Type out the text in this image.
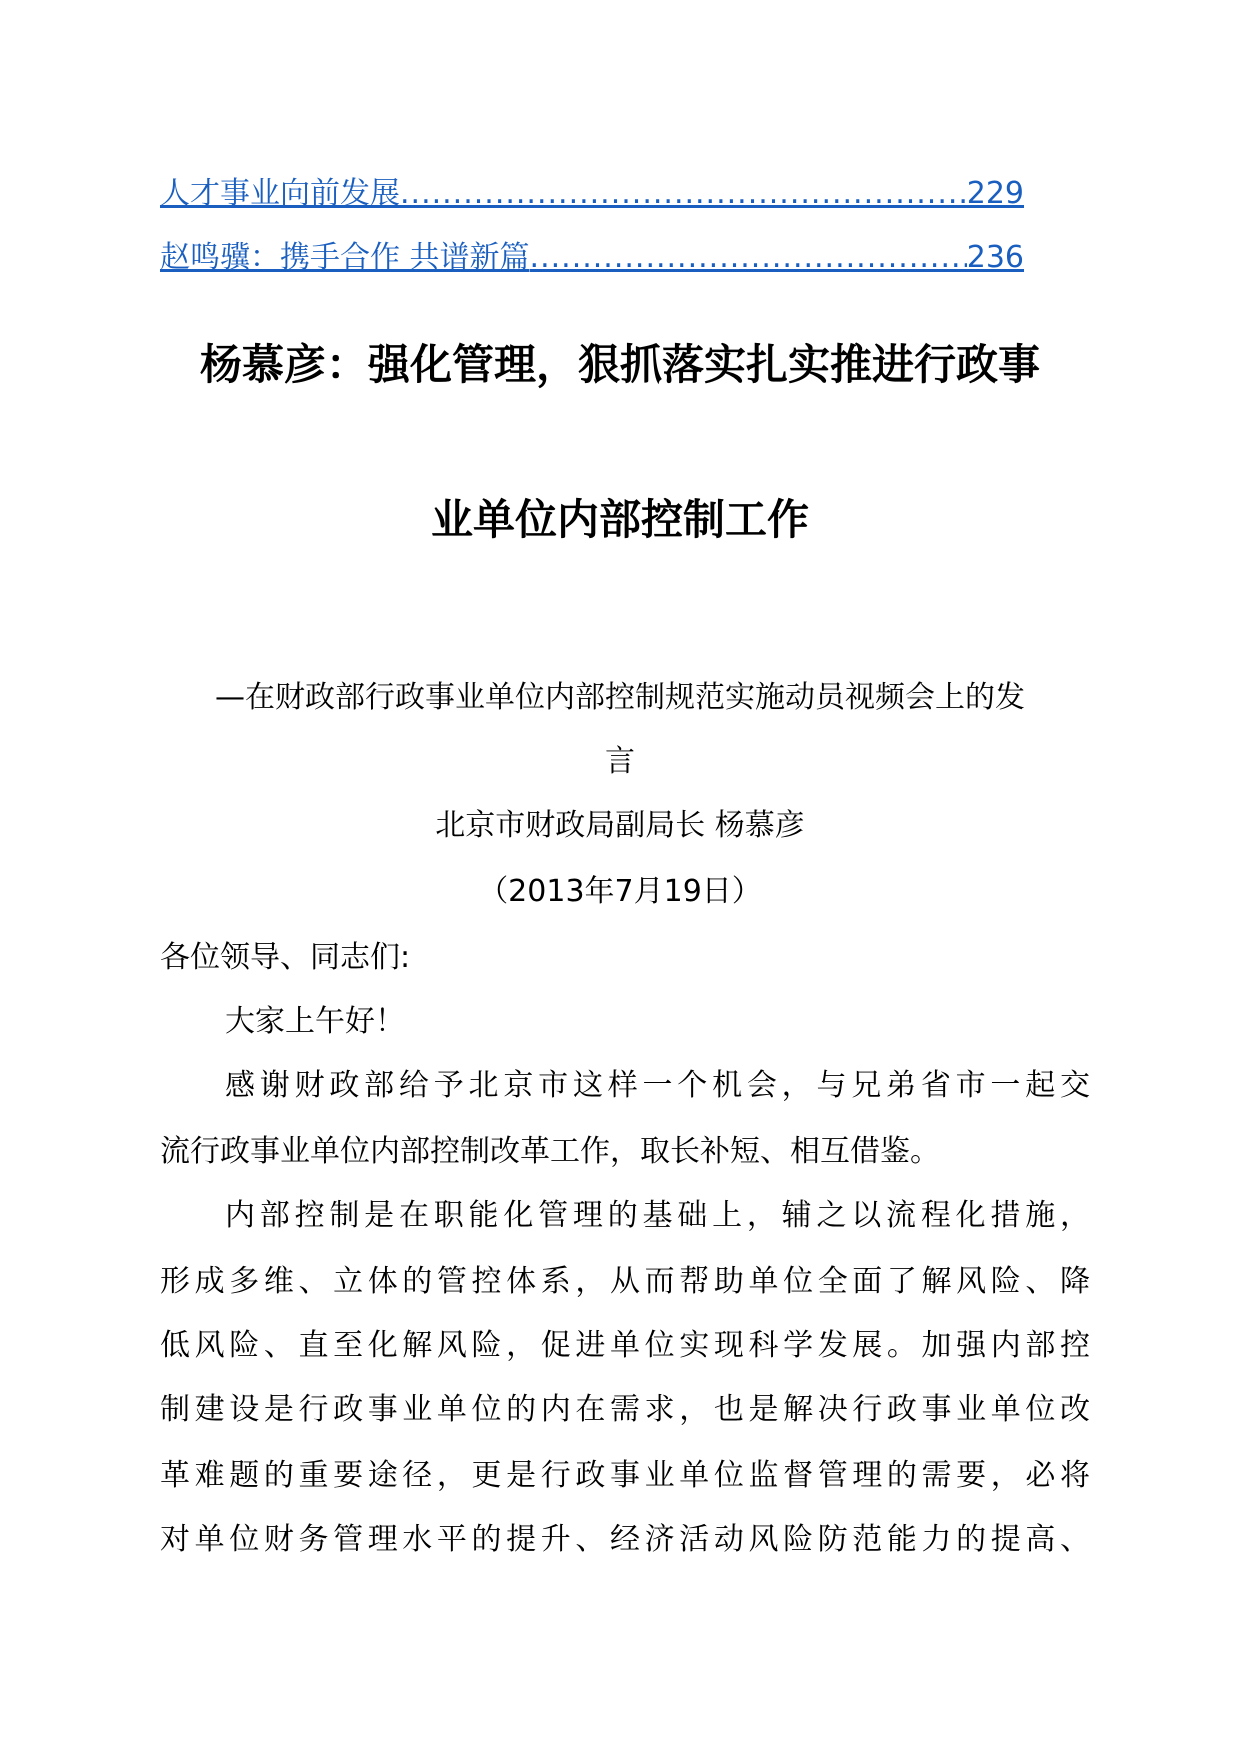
人才事业向前发展 .....	229
赵鸣骥：携手合作 共谱新篇 .....	236
杨慕彦：强化管理，狠抓落实扎实推进行政事
业单位内部控制工作
—在财政部行政事业单位内部控制规范实施动员视频会上的发
言
北京市财政局副局长 杨慕彦
（2013年7月19日）
各位领导、同志们:
大家上午好！
感谢财政部给予北京市这样一个机会，与兄弟省市一起交
流行政事业单位内部控制改革工作，取长补短、相互借鉴。
内部控制是在职能化管理的基础上，辅之以流程化措施，
形成多维、立体的管控体系，从而帮助单位全面了解风险、降
低风险、直至化解风险，促进单位实现科学发展。加强内部控
制建设是行政事业单位的内在需求，也是解决行政事业单位改
革难题的重要途径，更是行政事业单位监督管理的需要，必将
对单位财务管理水平的提升、经济活动风险防范能力的提高、
